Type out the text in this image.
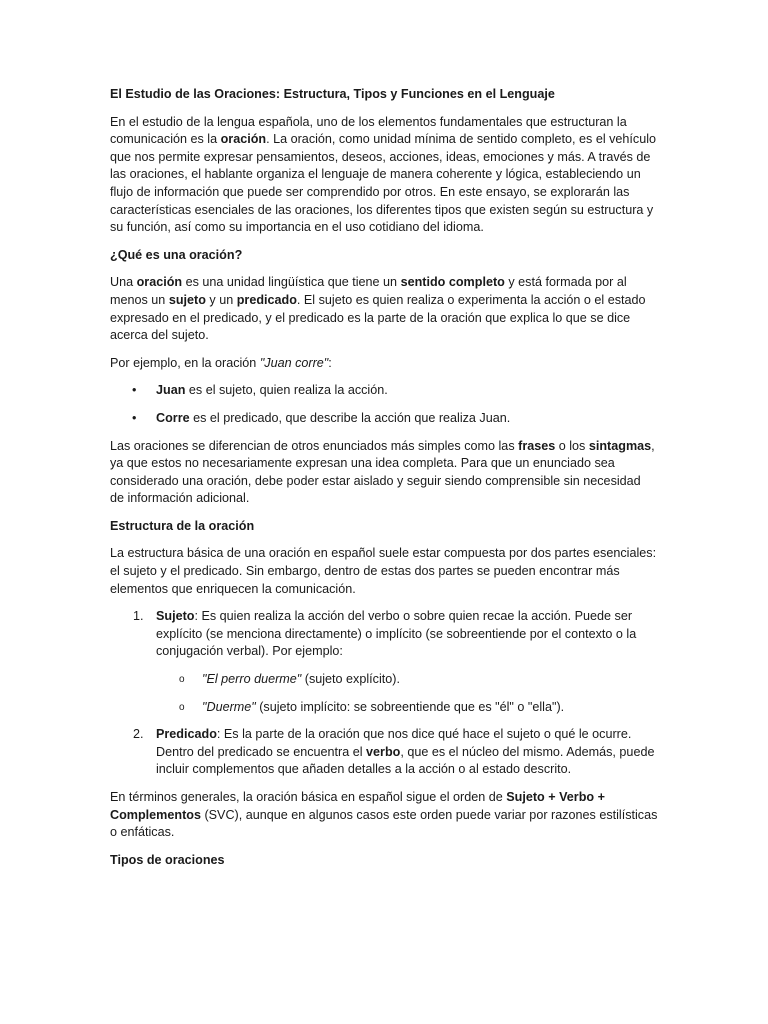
El Estudio de las Oraciones: Estructura, Tipos y Funciones en el Lenguaje

En el estudio de la lengua española, uno de los elementos fundamentales que estructuran la comunicación es la oración. La oración, como unidad mínima de sentido completo, es el vehículo que nos permite expresar pensamientos, deseos, acciones, ideas, emociones y más. A través de las oraciones, el hablante organiza el lenguaje de manera coherente y lógica, estableciendo un flujo de información que puede ser comprendido por otros. En este ensayo, se explorarán las características esenciales de las oraciones, los diferentes tipos que existen según su estructura y su función, así como su importancia en el uso cotidiano del idioma.

¿Qué es una oración?

Una oración es una unidad lingüística que tiene un sentido completo y está formada por al menos un sujeto y un predicado. El sujeto es quien realiza o experimenta la acción o el estado expresado en el predicado, y el predicado es la parte de la oración que explica lo que se dice acerca del sujeto.

Por ejemplo, en la oración "Juan corre":

• Juan es el sujeto, quien realiza la acción.
• Corre es el predicado, que describe la acción que realiza Juan.

Las oraciones se diferencian de otros enunciados más simples como las frases o los sintagmas, ya que estos no necesariamente expresan una idea completa. Para que un enunciado sea considerado una oración, debe poder estar aislado y seguir siendo comprensible sin necesidad de información adicional.

Estructura de la oración

La estructura básica de una oración en español suele estar compuesta por dos partes esenciales: el sujeto y el predicado. Sin embargo, dentro de estas dos partes se pueden encontrar más elementos que enriquecen la comunicación.

1. Sujeto: Es quien realiza la acción del verbo o sobre quien recae la acción. Puede ser explícito (se menciona directamente) o implícito (se sobreentiende por el contexto o la conjugación verbal). Por ejemplo:
o "El perro duerme" (sujeto explícito).
o "Duerme" (sujeto implícito: se sobreentiende que es "él" o "ella").
2. Predicado: Es la parte de la oración que nos dice qué hace el sujeto o qué le ocurre. Dentro del predicado se encuentra el verbo, que es el núcleo del mismo. Además, puede incluir complementos que añaden detalles a la acción o al estado descrito.

En términos generales, la oración básica en español sigue el orden de Sujeto + Verbo + Complementos (SVC), aunque en algunos casos este orden puede variar por razones estilísticas o enfáticas.

Tipos de oraciones
